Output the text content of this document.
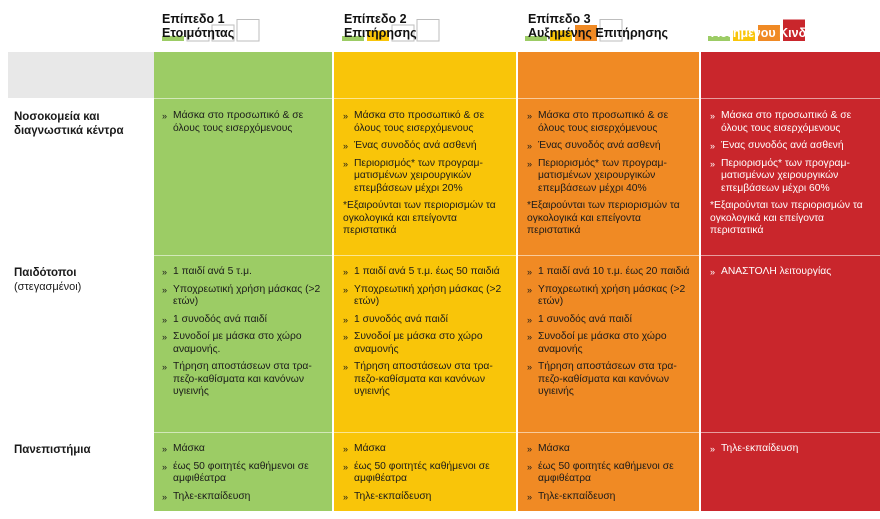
Επίπεδο 1
Ετοιμότητας
Επίπεδο 2
Επιτήρησης
Επίπεδο 3
Αυξημένης Επιτήρησης
Επίπεδο 4
Αυξημένου Κινδύνου
Νοσοκομεία και
διαγνωστικά κέντρα
Παιδότοποι
(στεγασμένοι)
Πανεπιστήμια
» Μάσκα στο προσωπικό & σε όλους τους εισερχόμενους
» Μάσκα στο προσωπικό & σε όλους τους εισερχόμενους
» Ένας συνοδός ανά ασθενή
» Περιορισμός* των προγραμ-ματισμένων χειρουργικών επεμβάσεων μέχρι 20%
*Εξαιρούνται των περιορισμών τα ογκολογικά και επείγοντα περιστατικά
» Μάσκα στο προσωπικό & σε όλους τους εισερχόμενους
» Ένας συνοδός ανά ασθενή
» Περιορισμός* των προγραμ-ματισμένων χειρουργικών επεμβάσεων μέχρι 40%
*Εξαιρούνται των περιορισμών τα ογκολογικά και επείγοντα περιστατικά
» Μάσκα στο προσωπικό & σε όλους τους εισερχόμενους
» Ένας συνοδός ανά ασθενή
» Περιορισμός* των προγραμ-ματισμένων χειρουργικών επεμβάσεων μέχρι 60%
*Εξαιρούνται των περιορισμών τα ογκολογικά και επείγοντα περιστατικά
» 1 παιδί ανά 5 τ.μ.
» Υποχρεωτική χρήση μάσκας (>2 ετών)
» 1 συνοδός ανά παιδί
» Συνοδοί με μάσκα στο χώρο αναμονής.
» Τήρηση αποστάσεων στα τρα-πεζο-καθίσματα και κανόνων υγιεινής
» 1 παιδί ανά 5 τ.μ. έως 50 παιδιά
» Υποχρεωτική χρήση μάσκας (>2 ετών)
» 1 συνοδός ανά παιδί
» Συνοδοί με μάσκα στο χώρο αναμονής
» Τήρηση αποστάσεων στα τρα-πεζο-καθίσματα και κανόνων υγιεινής
» 1 παιδί ανά 10 τ.μ. έως 20 παιδιά
» Υποχρεωτική χρήση μάσκας (>2 ετών)
» 1 συνοδός ανά παιδί
» Συνοδοί με μάσκα στο χώρο αναμονής
» Τήρηση αποστάσεων στα τρα-πεζο-καθίσματα και κανόνων υγιεινής
» ΑΝΑΣΤΟΛΗ λειτουργίας
» Μάσκα
» έως 50 φοιτητές καθήμενοι σε αμφιθέατρα
» Τηλε-εκπαίδευση
» Μάσκα
» έως 50 φοιτητές καθήμενοι σε αμφιθέατρα
» Τηλε-εκπαίδευση
» Μάσκα
» έως 50 φοιτητές καθήμενοι σε αμφιθέατρα
» Τηλε-εκπαίδευση
» Τηλε-εκπαίδευση
